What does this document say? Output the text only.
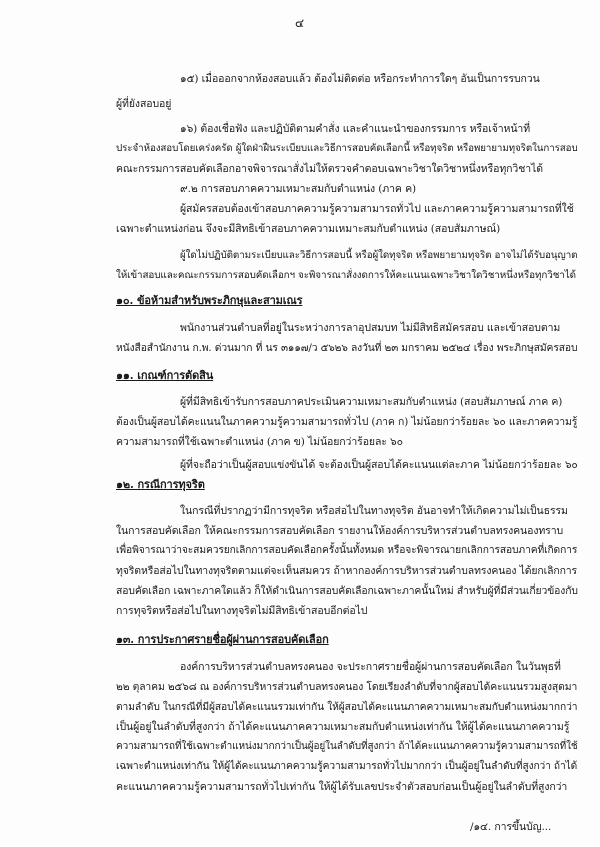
๔
๑๕) เมื่อออกจากห้องสอบแล้ว ต้องไม่ติดต่อ หรือกระทำการใดๆ อันเป็นการรบกวน
ผู้ที่ยังสอบอยู่
๑๖) ต้องเชื่อฟัง และปฏิบัติตามคำสั่ง และคำแนะนำของกรรมการ หรือเจ้าหน้าที่
ประจำห้องสอบโดยเคร่งครัด ผู้ใดฝ่าฝืนระเบียบและวิธีการสอบคัดเลือกนี้ หรือทุจริต หรือพยายามทุจริตในการสอบ
คณะกรรมการสอบคัดเลือกอาจพิจารณาสั่งไม่ให้ตรวจคำตอบเฉพาะวิชาใดวิชาหนึ่งหรือทุกวิชาได้
๙.๒ การสอบภาคความเหมาะสมกับตำแหน่ง (ภาค ค)
ผู้สมัครสอบต้องเข้าสอบภาคความรู้ความสามารถทั่วไป และภาคความรู้ความสามารถที่ใช้
เฉพาะตำแหน่งก่อน จึงจะมีสิทธิเข้าสอบภาคความเหมาะสมกับตำแหน่ง (สอบสัมภาษณ์)
ผู้ใดไม่ปฏิบัติตามระเบียบและวิธีการสอบนี้ หรือผู้ใดทุจริต หรือพยายามทุจริต อาจไม่ได้รับอนุญาต
ให้เข้าสอบและคณะกรรมการสอบคัดเลือกฯ จะพิจารณาสั่งงดการให้คะแนนเฉพาะวิชาใดวิชาหนึ่งหรือทุกวิชาได้
๑๐. ข้อห้ามสำหรับพระภิกษุและสามเณร
พนักงานส่วนตำบลที่อยู่ในระหว่างการลาอุปสมบท ไม่มีสิทธิสมัครสอบ และเข้าสอบตาม
หนังสือสำนักงาน ก.พ. ด่วนมาก ที่ นร ๓๑๑๗/ว ๕๖๒๖ ลงวันที่ ๒๓ มกราคม ๒๕๒๔ เรื่อง พระภิกษุสมัครสอบ
๑๑. เกณฑ์การตัดสิน
ผู้ที่มีสิทธิเข้ารับการสอบภาคประเมินความเหมาะสมกับตำแหน่ง (สอบสัมภาษณ์ ภาค ค)
ต้องเป็นผู้สอบได้คะแนนในภาคความรู้ความสามารถทั่วไป (ภาค ก) ไม่น้อยกว่าร้อยละ ๖๐ และภาคความรู้
ความสามารถที่ใช้เฉพาะตำแหน่ง (ภาค ข) ไม่น้อยกว่าร้อยละ ๖๐
ผู้ที่จะถือว่าเป็นผู้สอบแข่งขันได้ จะต้องเป็นผู้สอบได้คะแนนแต่ละภาค ไม่น้อยกว่าร้อยละ ๖๐
๑๒. กรณีการทุจริต
ในกรณีที่ปรากฏว่ามีการทุจริต หรือส่อไปในทางทุจริต อันอาจทำให้เกิดความไม่เป็นธรรม
ในการสอบคัดเลือก ให้คณะกรรมการสอบคัดเลือก รายงานให้องค์การบริหารส่วนตำบลทรงคนองทราบ
เพื่อพิจารณาว่าจะสมควรยกเลิกการสอบคัดเลือกครั้งนั้นทั้งหมด หรือจะพิจารณายกเลิกการสอบภาคที่เกิดการ
ทุจริตหรือส่อไปในทางทุจริตตามแต่จะเห็นสมควร ถ้าหากองค์การบริหารส่วนตำบลทรงคนอง ได้ยกเลิกการ
สอบคัดเลือก เฉพาะภาคใดแล้ว ก็ให้ดำเนินการสอบคัดเลือกเฉพาะภาคนั้นใหม่ สำหรับผู้ที่มีส่วนเกี่ยวข้องกับ
การทุจริตหรือส่อไปในทางทุจริตไม่มีสิทธิเข้าสอบอีกต่อไป
๑๓. การประกาศรายชื่อผู้ผ่านการสอบคัดเลือก
องค์การบริหารส่วนตำบลทรงคนอง จะประกาศรายชื่อผู้ผ่านการสอบคัดเลือก ในวันพุธที่
๒๒ ตุลาคม ๒๕๖๘ ณ องค์การบริหารส่วนตำบลทรงคนอง โดยเรียงลำดับที่จากผู้สอบได้คะแนนรวมสูงสุดมา
ตามลำดับ ในกรณีที่มีผู้สอบได้คะแนนรวมเท่ากัน ให้ผู้สอบได้คะแนนภาคความเหมาะสมกับตำแหน่งมากกว่า
เป็นผู้อยู่ในลำดับที่สูงกว่า ถ้าได้คะแนนภาคความเหมาะสมกับตำแหน่งเท่ากัน ให้ผู้ได้คะแนนภาคความรู้
ความสามารถที่ใช้เฉพาะตำแหน่งมากกว่าเป็นผู้อยู่ในลำดับที่สูงกว่า ถ้าได้คะแนนภาคความรู้ความสามารถที่ใช้
เฉพาะตำแหน่งเท่ากัน ให้ผู้ได้คะแนนภาคความรู้ความสามารถทั่วไปมากกว่า เป็นผู้อยู่ในลำดับที่สูงกว่า ถ้าได้
คะแนนภาคความรู้ความสามารถทั่วไปเท่ากัน ให้ผู้ได้รับเลขประจำตัวสอบก่อนเป็นผู้อยู่ในลำดับที่สูงกว่า
/๑๔. การขึ้นบัญ...
